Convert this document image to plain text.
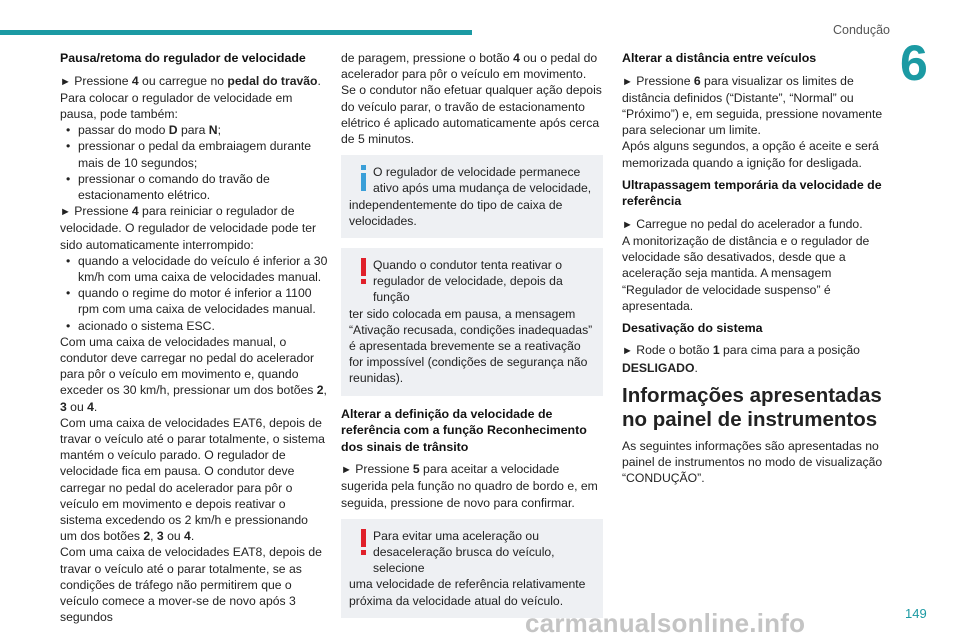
Condução
6
Pausa/retoma do regulador de velocidade

► Pressione 4 ou carregue no pedal do travão.

Para colocar o regulador de velocidade em pausa, pode também:

• passar do modo D para N;
• pressionar o pedal da embraiagem durante mais de 10 segundos;
• pressionar o comando do travão de estacionamento elétrico.

► Pressione 4 para reiniciar o regulador de velocidade. O regulador de velocidade pode ter sido automaticamente interrompido:

• quando a velocidade do veículo é inferior a 30 km/h com uma caixa de velocidades manual.
• quando o regime do motor é inferior a 1100 rpm com uma caixa de velocidades manual.
• acionado o sistema ESC.

Com uma caixa de velocidades manual, o condutor deve carregar no pedal do acelerador para pôr o veículo em movimento e, quando exceder os 30 km/h, pressionar um dos botões 2, 3 ou 4.

Com uma caixa de velocidades EAT6, depois de travar o veículo até o parar totalmente, o sistema mantém o veículo parado. O regulador de velocidade fica em pausa. O condutor deve carregar no pedal do acelerador para pôr o veículo em movimento e depois reativar o sistema excedendo os 2 km/h e pressionando um dos botões 2, 3 ou 4.

Com uma caixa de velocidades EAT8, depois de travar o veículo até o parar totalmente, se as condições de tráfego não permitirem que o veículo comece a mover-se de novo após 3 segundos

de paragem, pressione o botão 4 ou o pedal do acelerador para pôr o veículo em movimento.

Se o condutor não efetuar qualquer ação depois do veículo parar, o travão de estacionamento elétrico é aplicado automaticamente após cerca de 5 minutos.

O regulador de velocidade permanece ativo após uma mudança de velocidade,

independentemente do tipo de caixa de velocidades.

Quando o condutor tenta reativar o regulador de velocidade, depois da função

ter sido colocada em pausa, a mensagem “Ativação recusada, condições inadequadas” é apresentada brevemente se a reativação for impossível (condições de segurança não reunidas).

Alterar a definição da velocidade de referência com a função Reconhecimento dos sinais de trânsito

► Pressione 5 para aceitar a velocidade sugerida pela função no quadro de bordo e, em seguida, pressione de novo para confirmar.

Para evitar uma aceleração ou desaceleração brusca do veículo, selecione

uma velocidade de referência relativamente próxima da velocidade atual do veículo.

Alterar a distância entre veículos

► Pressione 6 para visualizar os limites de distância definidos (“Distante”, “Normal” ou “Próximo”) e, em seguida, pressione novamente para selecionar um limite.

Após alguns segundos, a opção é aceite e será memorizada quando a ignição for desligada.

Ultrapassagem temporária da velocidade de referência

► Carregue no pedal do acelerador a fundo.

A monitorização de distância e o regulador de velocidade são desativados, desde que a aceleração seja mantida. A mensagem “Regulador de velocidade suspenso” é apresentada.

Desativação do sistema

► Rode o botão 1 para cima para a posição DESLIGADO.

Informações apresentadas no painel de instrumentos

As seguintes informações são apresentadas no painel de instrumentos no modo de visualização “CONDUÇÃO”.

carmanualsonline.info	149
